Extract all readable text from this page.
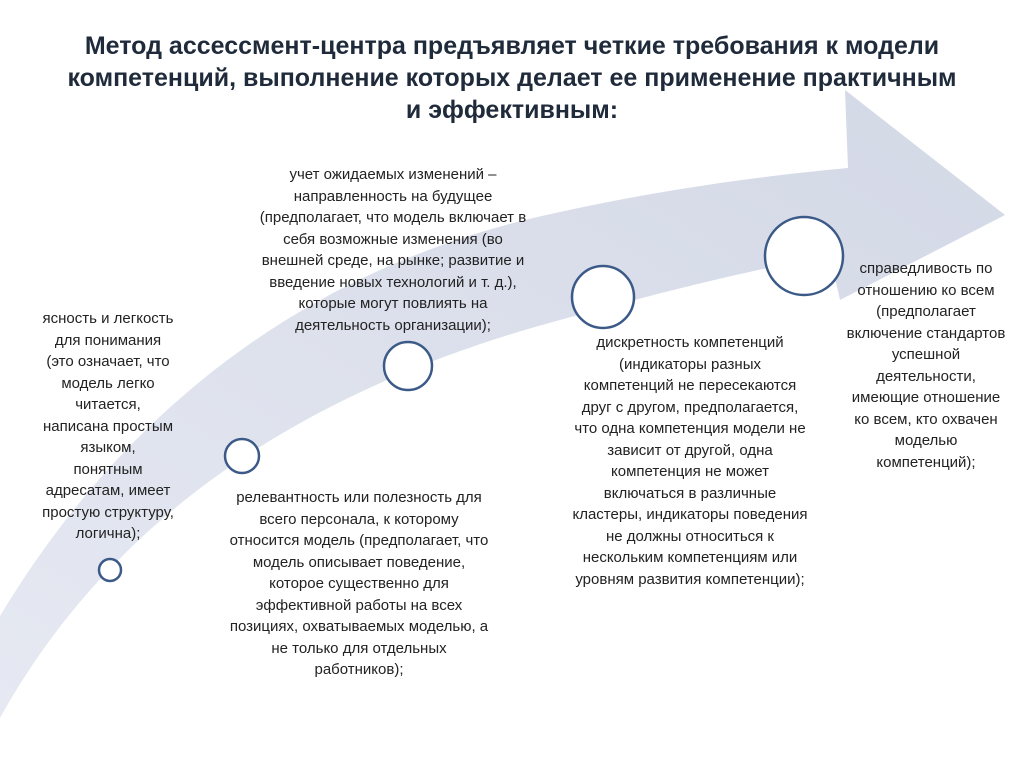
Метод ассессмент-центра предъявляет четкие требования к модели компетенций, выполнение которых делает ее применение практичным и эффективным:

ясность и легкость
для понимания
(это означает, что
модель легко
читается,
написана простым
языком,
понятным
адресатам, имеет
простую структуру,
логична);

релевантность или полезность для
всего персонала, к которому
относится модель (предполагает, что
модель описывает поведение,
которое существенно для
эффективной работы на всех
позициях, охватываемых моделью, а
не только для отдельных
работников);

учет ожидаемых изменений –
направленность на будущее
(предполагает, что модель включает в
себя возможные изменения (во
внешней среде, на рынке; развитие и
введение новых технологий и т. д.),
которые могут повлиять на
деятельность организации);

дискретность компетенций
(индикаторы разных
компетенций не пересекаются
друг с другом, предполагается,
что одна компетенция модели не
зависит от другой, одна
компетенция не может
включаться в различные
кластеры, индикаторы поведения
не должны относиться к
нескольким компетенциям или
уровням развития компетенции);

справедливость по
отношению ко всем
(предполагает
включение стандартов
успешной
деятельности,
имеющие отношение
ко всем, кто охвачен
моделью
компетенций);
